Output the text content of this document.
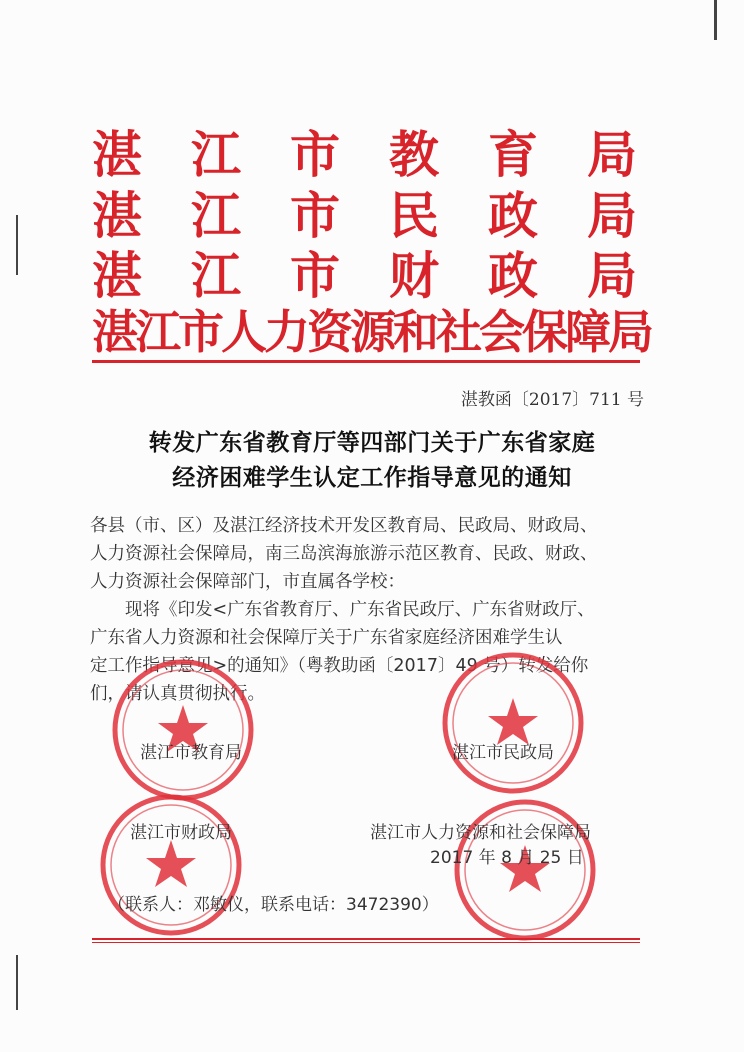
湛 江 市 教 育 局
湛 江 市 民 政 局
湛 江 市 财 政 局
湛江市人力资源和社会保障局
湛教函〔2017〕711 号
转发广东省教育厅等四部门关于广东省家庭
经济困难学生认定工作指导意见的通知
各县（市、区）及湛江经济技术开发区教育局、民政局、财政局、
人力资源社会保障局，南三岛滨海旅游示范区教育、民政、财政、
人力资源社会保障部门，市直属各学校：
　　现将《印发<广东省教育厅、广东省民政厅、广东省财政厅、
广东省人力资源和社会保障厅关于广东省家庭经济困难学生认
定工作指导意见>的通知》（粤教助函〔2017〕49 号）转发给你
们，请认真贯彻执行。
湛江市教育局	湛江市民政局
湛江市财政局	湛江市人力资源和社会保障局
2017 年 8 月 25 日
（联系人：邓敏仪，联系电话：3472390）
